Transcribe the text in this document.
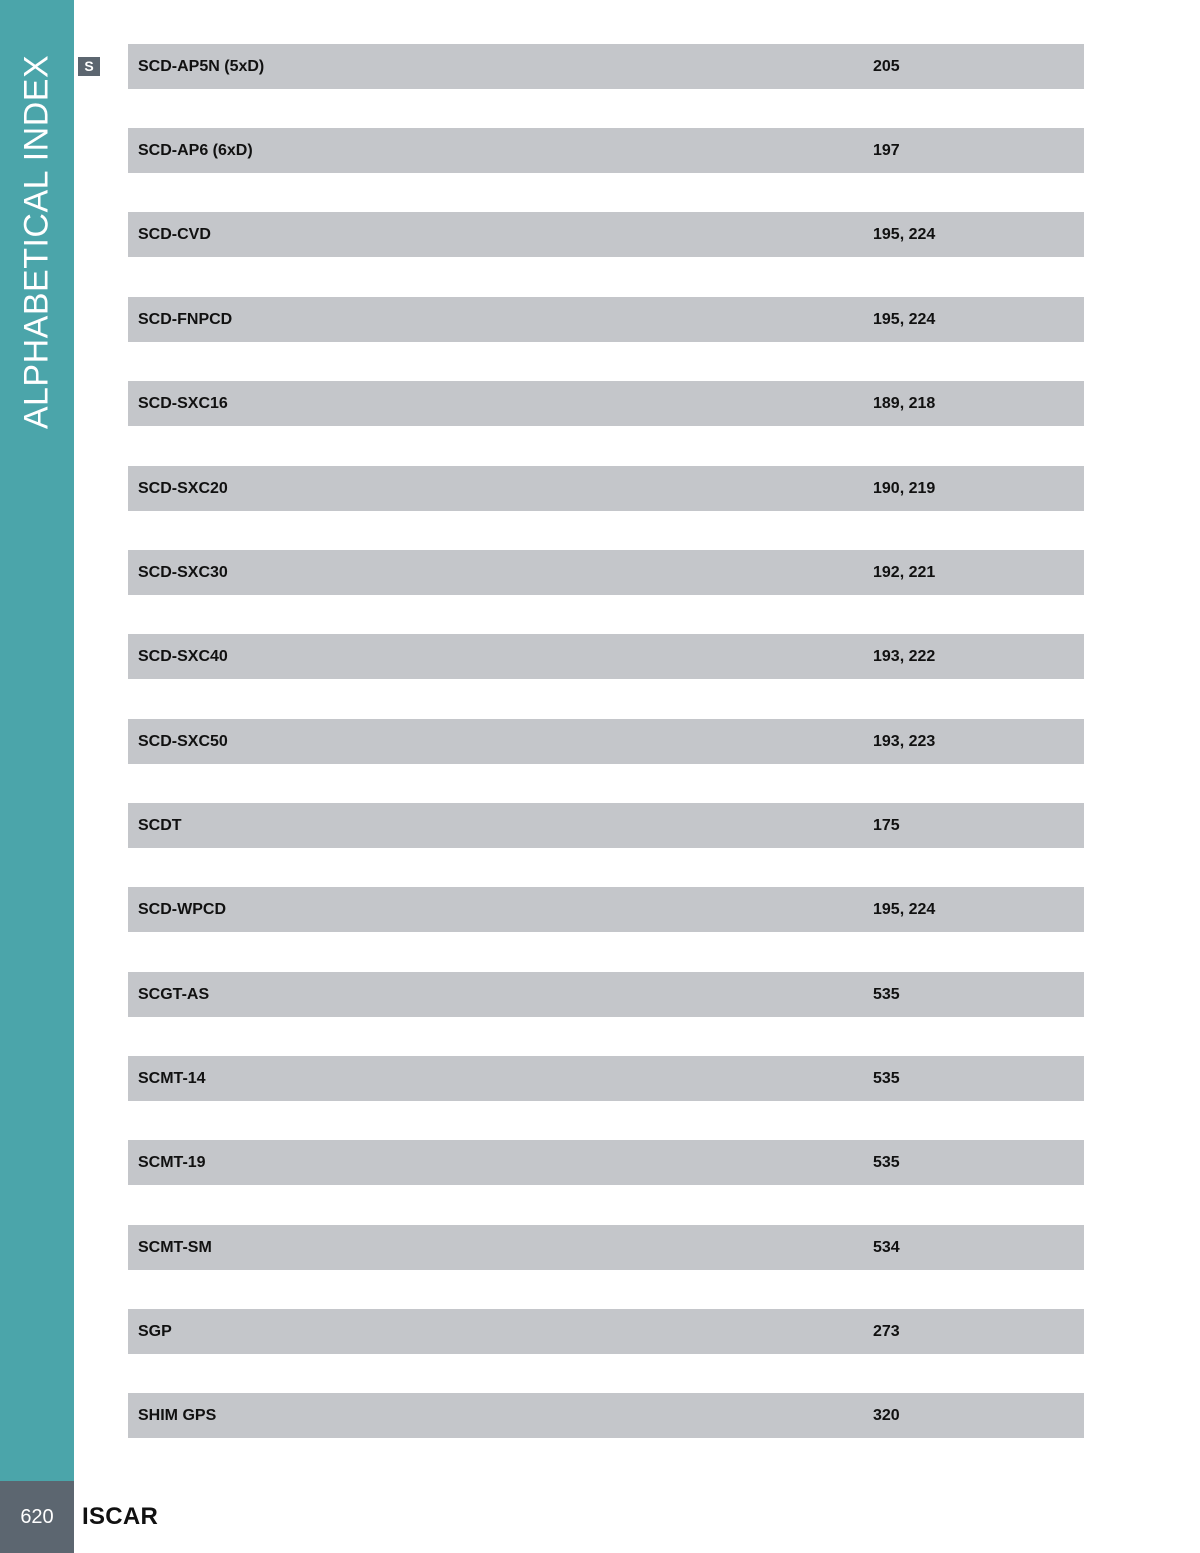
ALPHABETICAL INDEX	S	SCD-AP5N (5xD)	205
SCD-AP6 (6xD)	197
SCD-CVD	195, 224
SCD-FNPCD	195, 224
SCD-SXC16	189, 218
SCD-SXC20	190, 219
SCD-SXC30	192, 221
SCD-SXC40	193, 222
SCD-SXC50	193, 223
SCDT	175
SCD-WPCD	195, 224
SCGT-AS	535
SCMT-14	535
SCMT-19	535
SCMT-SM	534
SGP	273
SHIM GPS	320
620	ISCAR
